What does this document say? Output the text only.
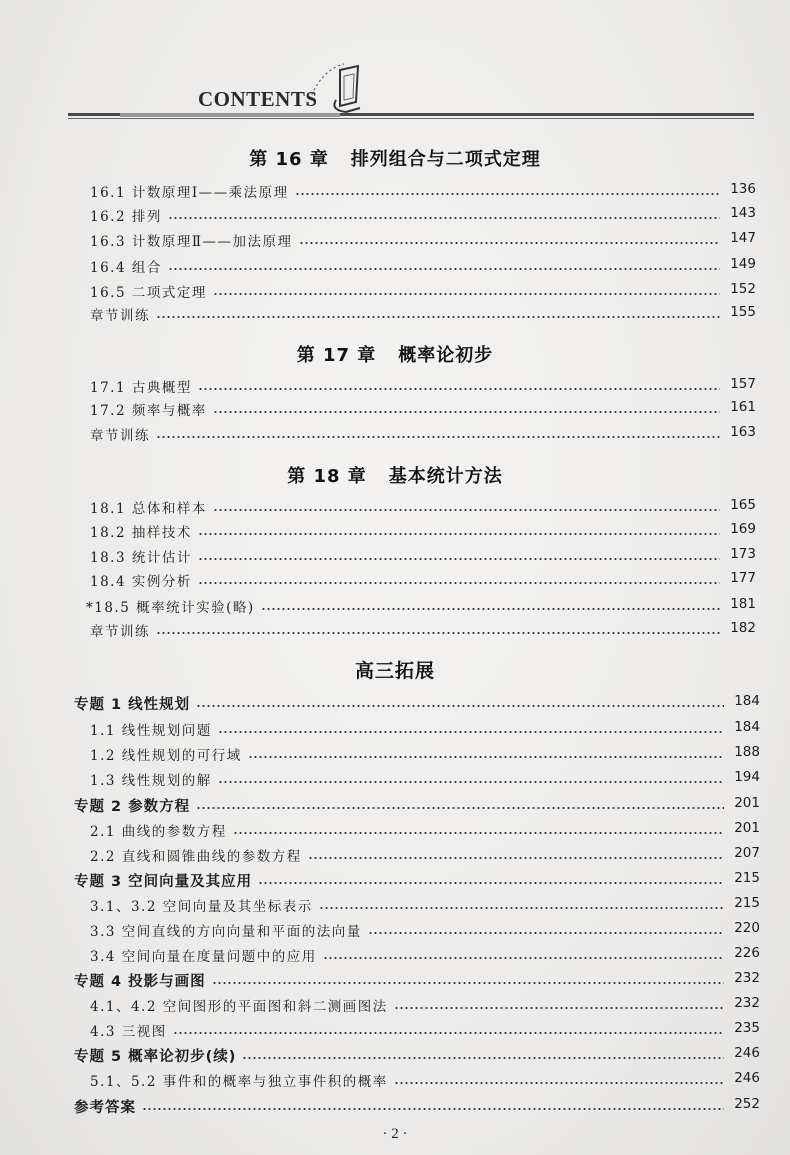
CONTENTS
第 16 章 排列组合与二项式定理
16.1 计数原理Ⅰ——乘法原理	136
16.2 排列	143
16.3 计数原理Ⅱ——加法原理	147
16.4 组合	149
16.5 二项式定理	152
章节训练	155
第 17 章 概率论初步
17.1 古典概型	157
17.2 频率与概率	161
章节训练	163
第 18 章 基本统计方法
18.1 总体和样本	165
18.2 抽样技术	169
18.3 统计估计	173
18.4 实例分析	177
*18.5 概率统计实验(略)	181
章节训练	182
高三拓展
专题 1 线性规划	184
1.1 线性规划问题	184
1.2 线性规划的可行域	188
1.3 线性规划的解	194
专题 2 参数方程	201
2.1 曲线的参数方程	201
2.2 直线和圆锥曲线的参数方程	207
专题 3 空间向量及其应用	215
3.1、3.2 空间向量及其坐标表示	215
3.3 空间直线的方向向量和平面的法向量	220
3.4 空间向量在度量问题中的应用	226
专题 4 投影与画图	232
4.1、4.2 空间图形的平面图和斜二测画图法	232
4.3 三视图	235
专题 5 概率论初步(续)	246
5.1、5.2 事件和的概率与独立事件积的概率	246
参考答案	252
· 2 ·
